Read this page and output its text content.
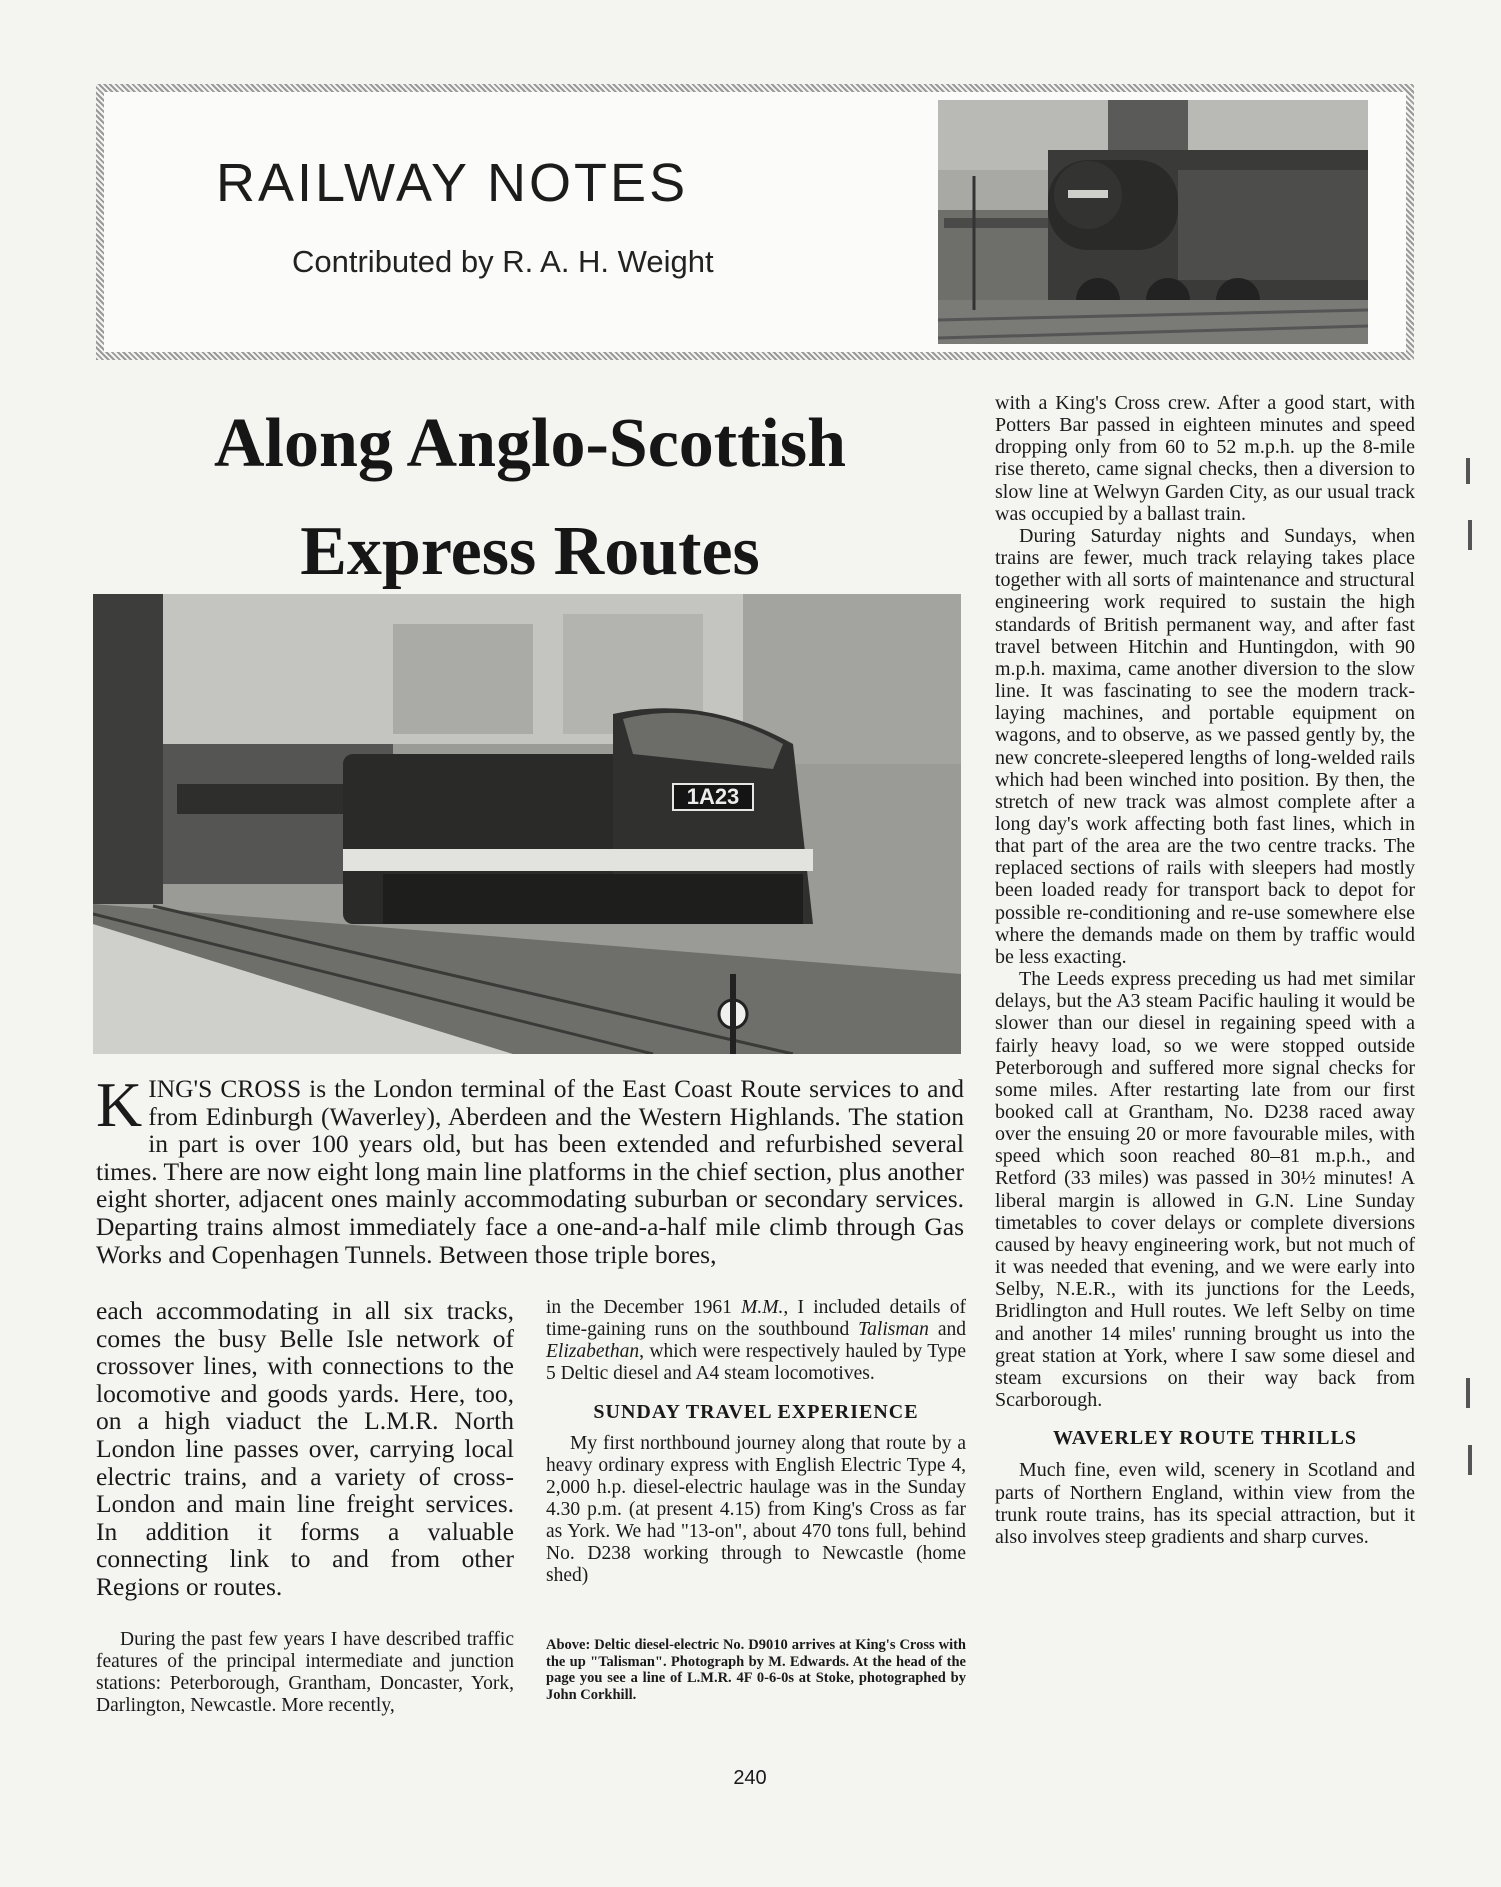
RAILWAY NOTES
Contributed by R. A. H. Weight
Along Anglo-Scottish
Express Routes
1A23
KING'S CROSS is the London terminal of the East Coast Route services to and from Edinburgh (Waverley), Aberdeen and the Western Highlands. The station in part is over 100 years old, but has been extended and refurbished several times. There are now eight long main line platforms in the chief section, plus another eight shorter, adjacent ones mainly accommodating suburban or secondary services. Departing trains almost immediately face a one-and-a-half mile climb through Gas Works and Copenhagen Tunnels. Between those triple bores,
each accommodating in all six tracks, comes the busy Belle Isle network of crossover lines, with connections to the locomotive and goods yards. Here, too, on a high viaduct the L.M.R. North London line passes over, carrying local electric trains, and a variety of cross-London and main line freight services. In addition it forms a valuable connecting link to and from other Regions or routes.
During the past few years I have described traffic features of the principal intermediate and junction stations: Peterborough, Grantham, Doncaster, York, Darlington, Newcastle. More recently,
in the December 1961 M.M., I included details of time-gaining runs on the southbound Talisman and Elizabethan, which were respectively hauled by Type 5 Deltic diesel and A4 steam locomotives.
SUNDAY TRAVEL EXPERIENCE
My first northbound journey along that route by a heavy ordinary express with English Electric Type 4, 2,000 h.p. diesel-electric haulage was in the Sunday 4.30 p.m. (at present 4.15) from King's Cross as far as York. We had "13-on", about 470 tons full, behind No. D238 working through to Newcastle (home shed)
Above: Deltic diesel-electric No. D9010 arrives at King's Cross with the up "Talisman". Photograph by M. Edwards. At the head of the page you see a line of L.M.R. 4F 0-6-0s at Stoke, photographed by John Corkhill.
with a King's Cross crew. After a good start, with Potters Bar passed in eighteen minutes and speed dropping only from 60 to 52 m.p.h. up the 8-mile rise thereto, came signal checks, then a diversion to slow line at Welwyn Garden City, as our usual track was occupied by a ballast train.
During Saturday nights and Sundays, when trains are fewer, much track relaying takes place together with all sorts of maintenance and structural engineering work required to sustain the high standards of British permanent way, and after fast travel between Hitchin and Huntingdon, with 90 m.p.h. maxima, came another diversion to the slow line. It was fascinating to see the modern track-laying machines, and portable equipment on wagons, and to observe, as we passed gently by, the new concrete-sleepered lengths of long-welded rails which had been winched into position. By then, the stretch of new track was almost complete after a long day's work affecting both fast lines, which in that part of the area are the two centre tracks. The replaced sections of rails with sleepers had mostly been loaded ready for transport back to depot for possible re-conditioning and re-use somewhere else where the demands made on them by traffic would be less exacting.
The Leeds express preceding us had met similar delays, but the A3 steam Pacific hauling it would be slower than our diesel in regaining speed with a fairly heavy load, so we were stopped outside Peterborough and suffered more signal checks for some miles. After restarting late from our first booked call at Grantham, No. D238 raced away over the ensuing 20 or more favourable miles, with speed which soon reached 80–81 m.p.h., and Retford (33 miles) was passed in 30½ minutes! A liberal margin is allowed in G.N. Line Sunday timetables to cover delays or complete diversions caused by heavy engineering work, but not much of it was needed that evening, and we were early into Selby, N.E.R., with its junctions for the Leeds, Bridlington and Hull routes. We left Selby on time and another 14 miles' running brought us into the great station at York, where I saw some diesel and steam excursions on their way back from Scarborough.
WAVERLEY ROUTE THRILLS
Much fine, even wild, scenery in Scotland and parts of Northern England, within view from the trunk route trains, has its special attraction, but it also involves steep gradients and sharp curves.
240
